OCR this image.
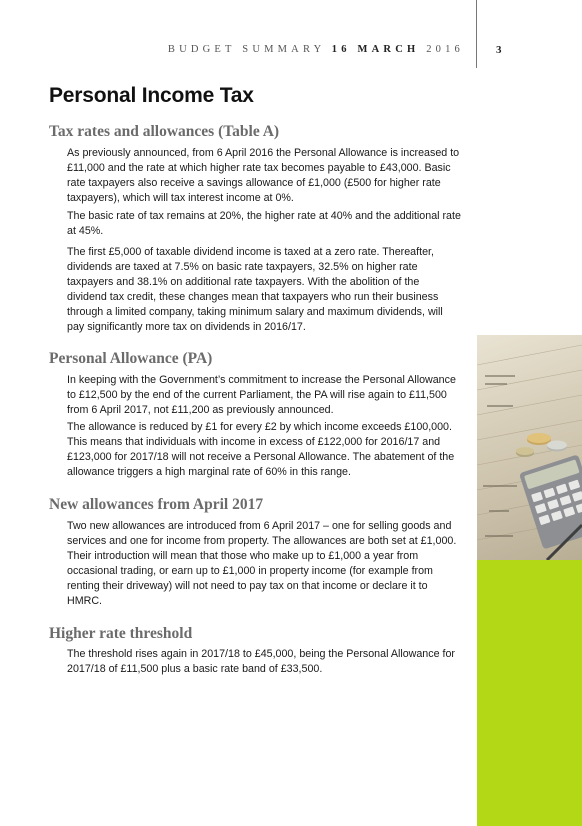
BUDGET SUMMARY 16 MARCH 2016	3
Personal Income Tax
Tax rates and allowances (Table A)

As previously announced, from 6 April 2016 the Personal Allowance is increased to £11,000 and the rate at which higher rate tax becomes payable to £43,000. Basic rate taxpayers also receive a savings allowance of £1,000 (£500 for higher rate taxpayers), which will tax interest income at 0%.

The basic rate of tax remains at 20%, the higher rate at 40% and the additional rate at 45%.

The first £5,000 of taxable dividend income is taxed at a zero rate. Thereafter, dividends are taxed at 7.5% on basic rate taxpayers, 32.5% on higher rate taxpayers and 38.1% on additional rate taxpayers. With the abolition of the dividend tax credit, these changes mean that taxpayers who run their business through a limited company, taking minimum salary and maximum dividends, will pay significantly more tax on dividends in 2016/17.

Personal Allowance (PA)

In keeping with the Government’s commitment to increase the Personal Allowance to £12,500 by the end of the current Parliament, the PA will rise again to £11,500 from 6 April 2017, not £11,200 as previously announced.

The allowance is reduced by £1 for every £2 by which income exceeds £100,000. This means that individuals with income in excess of £122,000 for 2016/17 and £123,000 for 2017/18 will not receive a Personal Allowance. The abatement of the allowance triggers a high marginal rate of 60% in this range.

New allowances from April 2017

Two new allowances are introduced from 6 April 2017 – one for selling goods and services and one for income from property. The allowances are both set at £1,000. Their introduction will mean that those who make up to £1,000 a year from occasional trading, or earn up to £1,000 in property income (for example from renting their driveway) will not need to pay tax on that income or declare it to HMRC.

Higher rate threshold

The threshold rises again in 2017/18 to £45,000, being the Personal Allowance for 2017/18 of £11,500 plus a basic rate band of £33,500.
